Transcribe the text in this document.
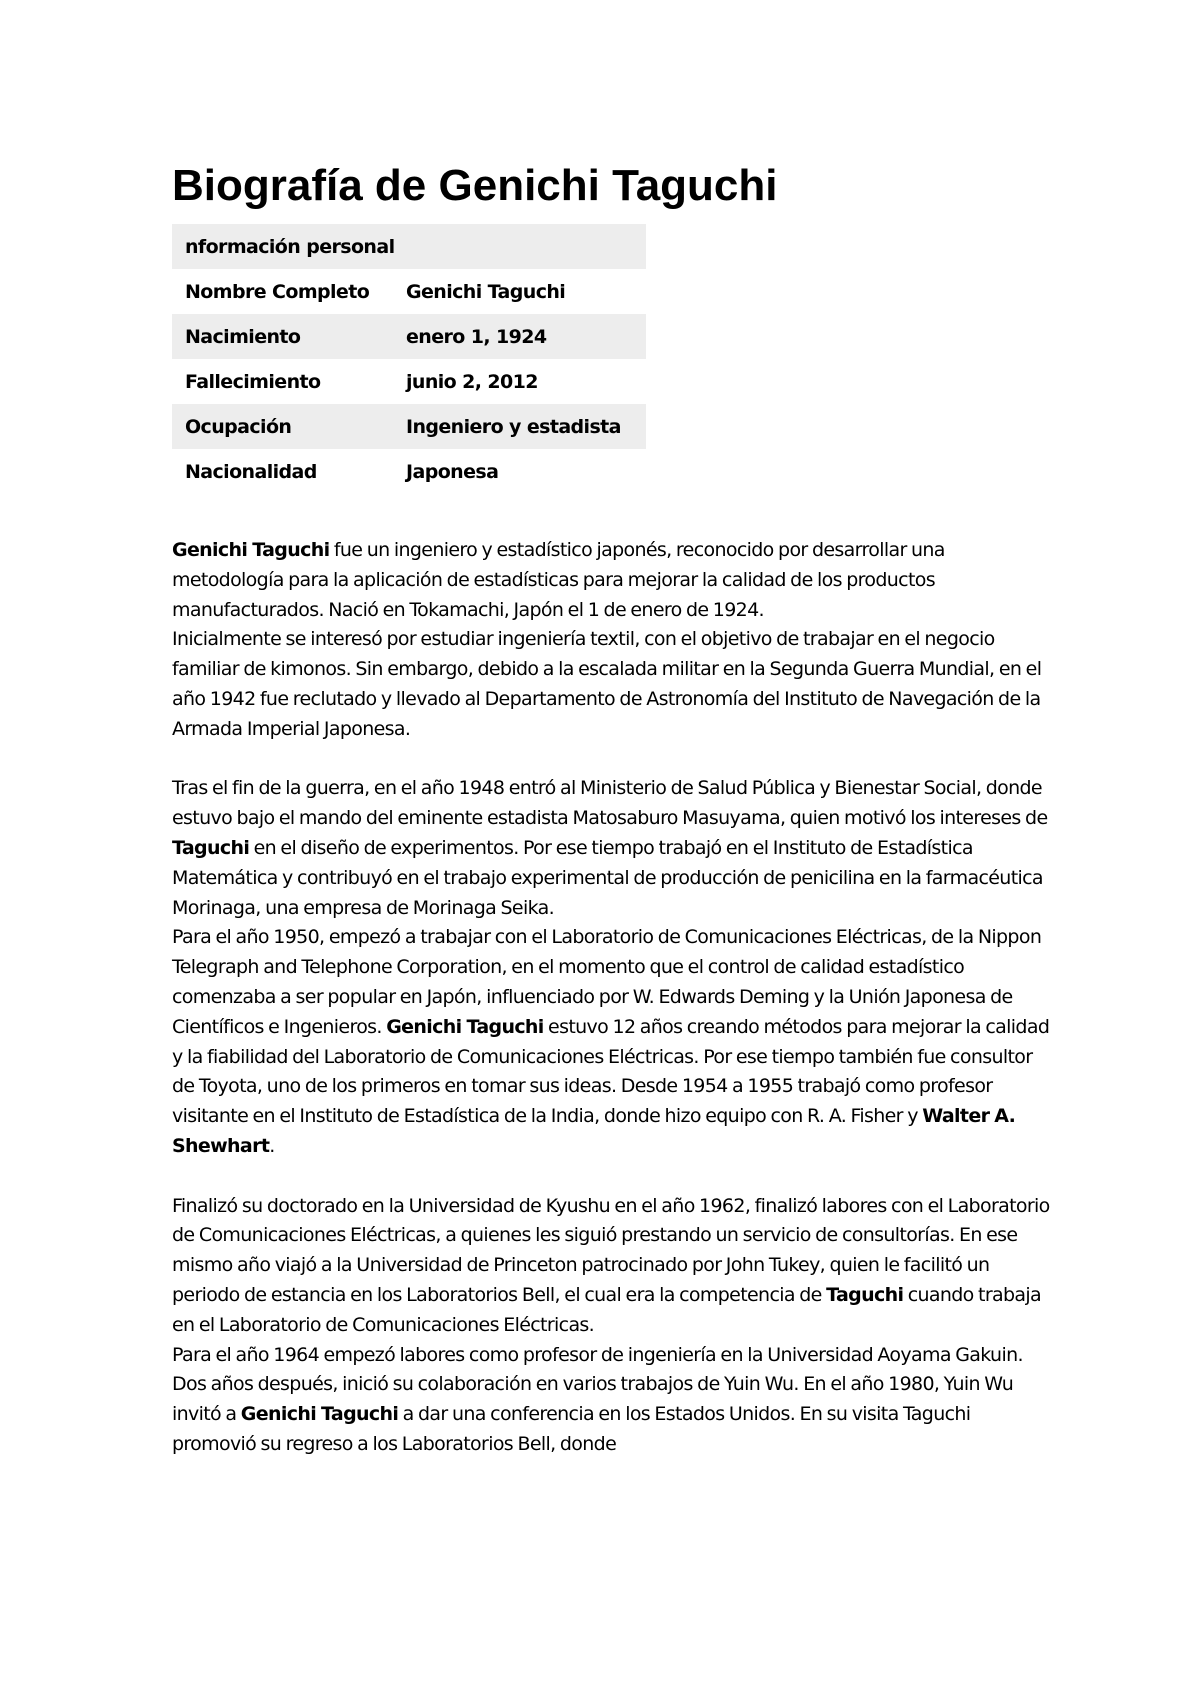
Biografía de Genichi Taguchi
nformación personal	
Nombre Completo	Genichi Taguchi
Nacimiento	enero 1, 1924
Fallecimiento	junio 2, 2012
Ocupación	Ingeniero y estadista
Nacionalidad	Japonesa

Genichi Taguchi fue un ingeniero y estadístico japonés, reconocido por desarrollar una metodología para la aplicación de estadísticas para mejorar la calidad de los productos manufacturados. Nació en Tokamachi, Japón el 1 de enero de 1924.

Inicialmente se interesó por estudiar ingeniería textil, con el objetivo de trabajar en el negocio familiar de kimonos. Sin embargo, debido a la escalada militar en la Segunda Guerra Mundial, en el año 1942 fue reclutado y llevado al Departamento de Astronomía del Instituto de Navegación de la Armada Imperial Japonesa.

Tras el fin de la guerra, en el año 1948 entró al Ministerio de Salud Pública y Bienestar Social, donde estuvo bajo el mando del eminente estadista Matosaburo Masuyama, quien motivó los intereses de Taguchi en el diseño de experimentos. Por ese tiempo trabajó en el Instituto de Estadística Matemática y contribuyó en el trabajo experimental de producción de penicilina en la farmacéutica Morinaga, una empresa de Morinaga Seika.

Para el año 1950, empezó a trabajar con el Laboratorio de Comunicaciones Eléctricas, de la Nippon Telegraph and Telephone Corporation, en el momento que el control de calidad estadístico comenzaba a ser popular en Japón, influenciado por W. Edwards Deming y la Unión Japonesa de Científicos e Ingenieros. Genichi Taguchi estuvo 12 años creando métodos para mejorar la calidad y la fiabilidad del Laboratorio de Comunicaciones Eléctricas. Por ese tiempo también fue consultor de Toyota, uno de los primeros en tomar sus ideas. Desde 1954 a 1955 trabajó como profesor visitante en el Instituto de Estadística de la India, donde hizo equipo con R. A. Fisher y Walter A. Shewhart.

Finalizó su doctorado en la Universidad de Kyushu en el año 1962, finalizó labores con el Laboratorio de Comunicaciones Eléctricas, a quienes les siguió prestando un servicio de consultorías. En ese mismo año viajó a la Universidad de Princeton patrocinado por John Tukey, quien le facilitó un periodo de estancia en los Laboratorios Bell, el cual era la competencia de Taguchi cuando trabaja en el Laboratorio de Comunicaciones Eléctricas.

Para el año 1964 empezó labores como profesor de ingeniería en la Universidad Aoyama Gakuin. Dos años después, inició su colaboración en varios trabajos de Yuin Wu. En el año 1980, Yuin Wu invitó a Genichi Taguchi a dar una conferencia en los Estados Unidos. En su visita Taguchi promovió su regreso a los Laboratorios Bell, donde
